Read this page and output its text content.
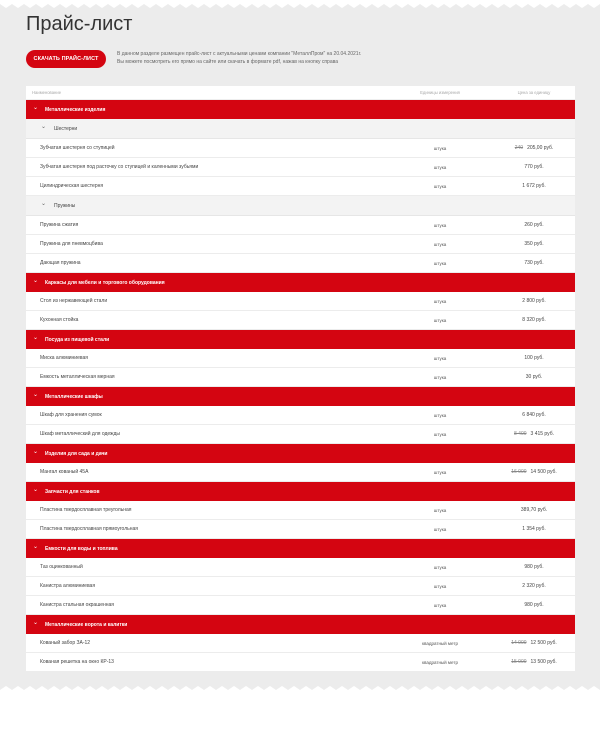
Прайс-лист
СКАЧАТЬ ПРАЙС-ЛИСТ
В данном разделе размещен прайс-лист с актуальными ценами компании "МеталлПром" на 20.04.2021г.
Вы можете посмотреть его прямо на сайте или скачать в формате pdf, нажав на кнопку справа
Наименование	Единицы измерения	Цена за единицу
⌄ Металлические изделия
⌄ Шестерни
Зубчатая шестерня со ступицей	штука	240 205,00 руб.
Зубчатая шестерня под расточку со ступицей и каленными зубьями	штука	770 руб.
Цилиндрическая шестерня	штука	1 672 руб.
⌄ Пружины
Пружина сжатия	штука	260 руб.
Пружина для пневмоцбива	штука	350 руб.
Дающая пружина	штука	730 руб.
⌄ Каркасы для мебели и торгового оборудования
Стол из нержавеющей стали	штука	2 800 руб.
Кухонная стойка	штука	8 320 руб.
⌄ Посуда из пищевой стали
Миска алюминиевая	штука	100 руб.
Емкость металлическая мерная	штука	30 руб.
⌄ Металлические шкафы
Шкаф для хранения сумок	штука	6 840 руб.
Шкаф металлический для одежды	штука	8 400 3 415 руб.
⌄ Изделия для сада и дачи
Мангал кованый 45А	штука	16 000 14 500 руб.
⌄ Запчасти для станков
Пластина твердосплавная треугольная	штука	389,70 руб.
Пластина твердосплавная прямоугольная	штука	1 354 руб.
⌄ Емкости для воды и топлива
Таз оцинкованный	штука	980 руб.
Канистра алюминиевая	штука	2 320 руб.
Канистра стальная окрашенная	штука	980 руб.
⌄ Металлические ворота и калитки
Кованый забор ЗА-12	квадратный метр	14 000 12 500 руб.
Кованая решетка на окно КР-13	квадратный метр	15 000 13 500 руб.
